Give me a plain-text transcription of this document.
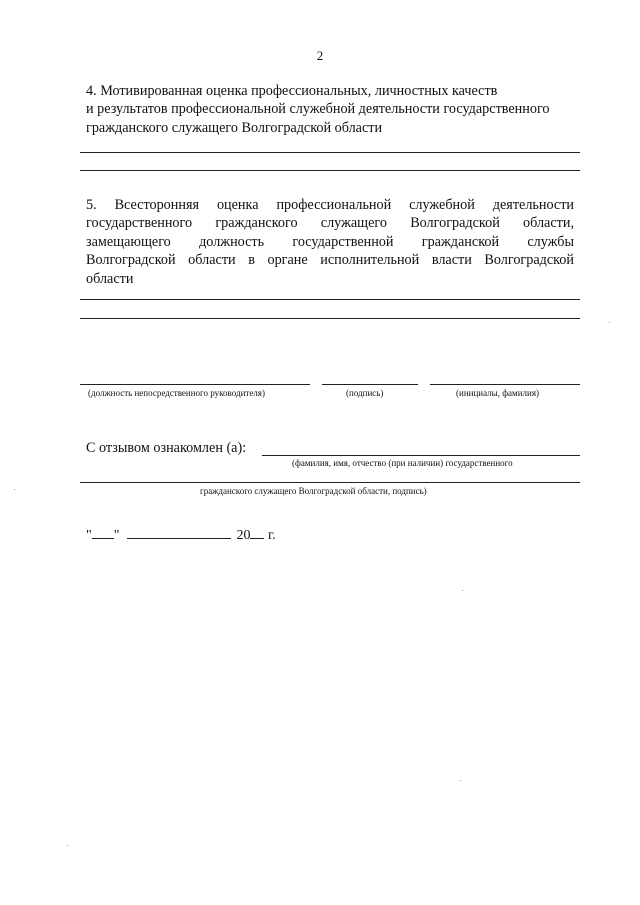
2
4. Мотивированная оценка профессиональных, личностных качеств
и результатов профессиональной служебной деятельности государственного
гражданского служащего Волгоградской области
5. Всесторонняя оценка профессиональной служебной деятельности
государственного гражданского служащего Волгоградской области,
замещающего должность государственной гражданской службы
Волгоградской области в органе исполнительной власти Волгоградской
области
(должность непосредственного руководителя)	(подпись)	(инициалы, фамилия)
С отзывом ознакомлен (а):
(фамилия, имя, отчество (при наличии) государственного
гражданского служащего Волгоградской области, подпись)
" "	20 г.
